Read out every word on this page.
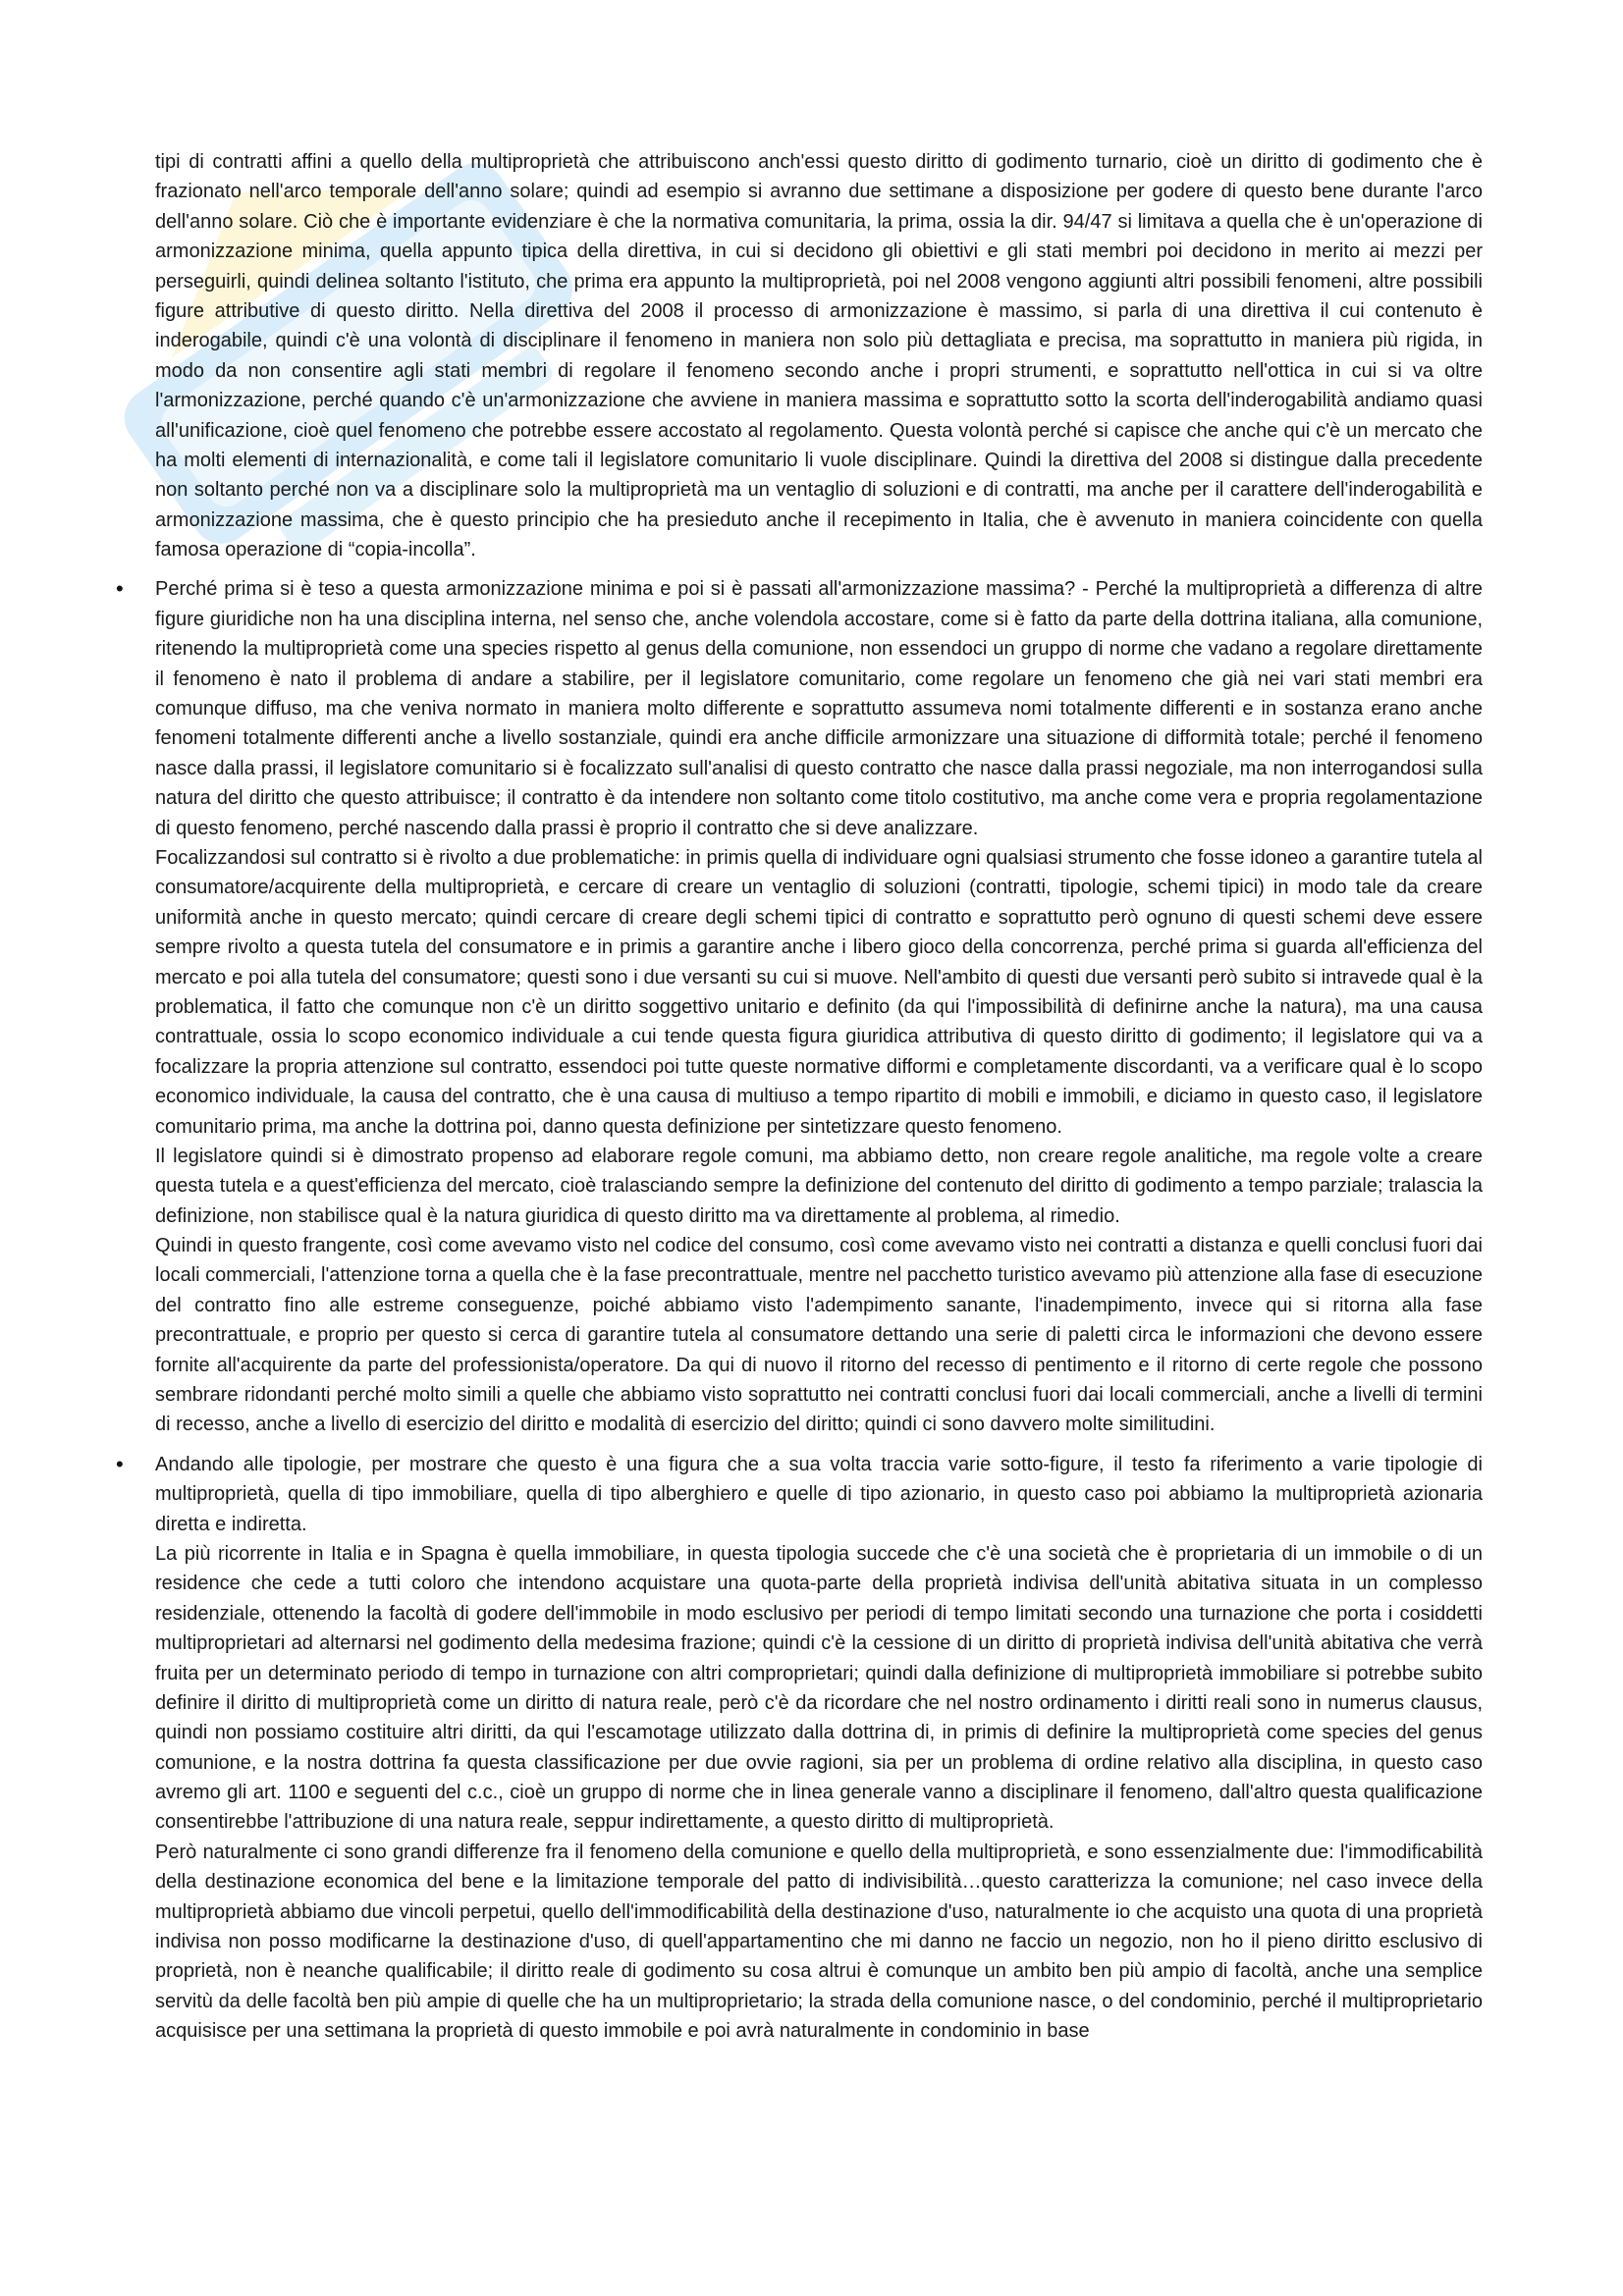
tipi di contratti affini a quello della multiproprietà che attribuiscono anch'essi questo diritto di godimento turnario, cioè un diritto di godimento che è frazionato nell'arco temporale dell'anno solare; quindi ad esempio si avranno due settimane a disposizione per godere di questo bene durante l'arco dell'anno solare. Ciò che è importante evidenziare è che la normativa comunitaria, la prima, ossia la dir. 94/47 si limitava a quella che è un'operazione di armonizzazione minima, quella appunto tipica della direttiva, in cui si decidono gli obiettivi e gli stati membri poi decidono in merito ai mezzi per perseguirli, quindi delinea soltanto l'istituto, che prima era appunto la multiproprietà, poi nel 2008 vengono aggiunti altri possibili fenomeni, altre possibili figure attributive di questo diritto. Nella direttiva del 2008 il processo di armonizzazione è massimo, si parla di una direttiva il cui contenuto è inderogabile, quindi c'è una volontà di disciplinare il fenomeno in maniera non solo più dettagliata e precisa, ma soprattutto in maniera più rigida, in modo da non consentire agli stati membri di regolare il fenomeno secondo anche i propri strumenti, e soprattutto nell'ottica in cui si va oltre l'armonizzazione, perché quando c'è un'armonizzazione che avviene in maniera massima e soprattutto sotto la scorta dell'inderogabilità andiamo quasi all'unificazione, cioè quel fenomeno che potrebbe essere accostato al regolamento. Questa volontà perché si capisce che anche qui c'è un mercato che ha molti elementi di internazionalità, e come tali il legislatore comunitario li vuole disciplinare. Quindi la direttiva del 2008 si distingue dalla precedente non soltanto perché non va a disciplinare solo la multiproprietà ma un ventaglio di soluzioni e di contratti, ma anche per il carattere dell'inderogabilità e armonizzazione massima, che è questo principio che ha presieduto anche il recepimento in Italia, che è avvenuto in maniera coincidente con quella famosa operazione di “copia-incolla”.

• Perché prima si è teso a questa armonizzazione minima e poi si è passati all'armonizzazione massima? - Perché la multiproprietà a differenza di altre figure giuridiche non ha una disciplina interna, nel senso che, anche volendola accostare, come si è fatto da parte della dottrina italiana, alla comunione, ritenendo la multiproprietà come una species rispetto al genus della comunione, non essendoci un gruppo di norme che vadano a regolare direttamente il fenomeno è nato il problema di andare a stabilire, per il legislatore comunitario, come regolare un fenomeno che già nei vari stati membri era comunque diffuso, ma che veniva normato in maniera molto differente e soprattutto assumeva nomi totalmente differenti e in sostanza erano anche fenomeni totalmente differenti anche a livello sostanziale, quindi era anche difficile armonizzare una situazione di difformità totale; perché il fenomeno nasce dalla prassi, il legislatore comunitario si è focalizzato sull'analisi di questo contratto che nasce dalla prassi negoziale, ma non interrogandosi sulla natura del diritto che questo attribuisce; il contratto è da intendere non soltanto come titolo costitutivo, ma anche come vera e propria regolamentazione di questo fenomeno, perché nascendo dalla prassi è proprio il contratto che si deve analizzare.

Focalizzandosi sul contratto si è rivolto a due problematiche: in primis quella di individuare ogni qualsiasi strumento che fosse idoneo a garantire tutela al consumatore/acquirente della multiproprietà, e cercare di creare un ventaglio di soluzioni (contratti, tipologie, schemi tipici) in modo tale da creare uniformità anche in questo mercato; quindi cercare di creare degli schemi tipici di contratto e soprattutto però ognuno di questi schemi deve essere sempre rivolto a questa tutela del consumatore e in primis a garantire anche i libero gioco della concorrenza, perché prima si guarda all'efficienza del mercato e poi alla tutela del consumatore; questi sono i due versanti su cui si muove. Nell'ambito di questi due versanti però subito si intravede qual è la problematica, il fatto che comunque non c'è un diritto soggettivo unitario e definito (da qui l'impossibilità di definirne anche la natura), ma una causa contrattuale, ossia lo scopo economico individuale a cui tende questa figura giuridica attributiva di questo diritto di godimento; il legislatore qui va a focalizzare la propria attenzione sul contratto, essendoci poi tutte queste normative difformi e completamente discordanti, va a verificare qual è lo scopo economico individuale, la causa del contratto, che è una causa di multiuso a tempo ripartito di mobili e immobili, e diciamo in questo caso, il legislatore comunitario prima, ma anche la dottrina poi, danno questa definizione per sintetizzare questo fenomeno.

Il legislatore quindi si è dimostrato propenso ad elaborare regole comuni, ma abbiamo detto, non creare regole analitiche, ma regole volte a creare questa tutela e a quest'efficienza del mercato, cioè tralasciando sempre la definizione del contenuto del diritto di godimento a tempo parziale; tralascia la definizione, non stabilisce qual è la natura giuridica di questo diritto ma va direttamente al problema, al rimedio.

Quindi in questo frangente, così come avevamo visto nel codice del consumo, così come avevamo visto nei contratti a distanza e quelli conclusi fuori dai locali commerciali, l'attenzione torna a quella che è la fase precontrattuale, mentre nel pacchetto turistico avevamo più attenzione alla fase di esecuzione del contratto fino alle estreme conseguenze, poiché abbiamo visto l'adempimento sanante, l'inadempimento, invece qui si ritorna alla fase precontrattuale, e proprio per questo si cerca di garantire tutela al consumatore dettando una serie di paletti circa le informazioni che devono essere fornite all'acquirente da parte del professionista/operatore. Da qui di nuovo il ritorno del recesso di pentimento e il ritorno di certe regole che possono sembrare ridondanti perché molto simili a quelle che abbiamo visto soprattutto nei contratti conclusi fuori dai locali commerciali, anche a livelli di termini di recesso, anche a livello di esercizio del diritto e modalità di esercizio del diritto; quindi ci sono davvero molte similitudini.

• Andando alle tipologie, per mostrare che questo è una figura che a sua volta traccia varie sotto-figure, il testo fa riferimento a varie tipologie di multiproprietà, quella di tipo immobiliare, quella di tipo alberghiero e quelle di tipo azionario, in questo caso poi abbiamo la multiproprietà azionaria diretta e indiretta.

La più ricorrente in Italia e in Spagna è quella immobiliare, in questa tipologia succede che c'è una società che è proprietaria di un immobile o di un residence che cede a tutti coloro che intendono acquistare una quota-parte della proprietà indivisa dell'unità abitativa situata in un complesso residenziale, ottenendo la facoltà di godere dell'immobile in modo esclusivo per periodi di tempo limitati secondo una turnazione che porta i cosiddetti multiproprietari ad alternarsi nel godimento della medesima frazione; quindi c'è la cessione di un diritto di proprietà indivisa dell'unità abitativa che verrà fruita per un determinato periodo di tempo in turnazione con altri comproprietari; quindi dalla definizione di multiproprietà immobiliare si potrebbe subito definire il diritto di multiproprietà come un diritto di natura reale, però c'è da ricordare che nel nostro ordinamento i diritti reali sono in numerus clausus, quindi non possiamo costituire altri diritti, da qui l'escamotage utilizzato dalla dottrina di, in primis di definire la multiproprietà come species del genus comunione, e la nostra dottrina fa questa classificazione per due ovvie ragioni, sia per un problema di ordine relativo alla disciplina, in questo caso avremo gli art. 1100 e seguenti del c.c., cioè un gruppo di norme che in linea generale vanno a disciplinare il fenomeno, dall'altro questa qualificazione consentirebbe l'attribuzione di una natura reale, seppur indirettamente, a questo diritto di multiproprietà.

Però naturalmente ci sono grandi differenze fra il fenomeno della comunione e quello della multiproprietà, e sono essenzialmente due: l'immodificabilità della destinazione economica del bene e la limitazione temporale del patto di indivisibilità…questo caratterizza la comunione; nel caso invece della multiproprietà abbiamo due vincoli perpetui, quello dell'immodificabilità della destinazione d'uso, naturalmente io che acquisto una quota di una proprietà indivisa non posso modificarne la destinazione d'uso, di quell'appartamentino che mi danno ne faccio un negozio, non ho il pieno diritto esclusivo di proprietà, non è neanche qualificabile; il diritto reale di godimento su cosa altrui è comunque un ambito ben più ampio di facoltà, anche una semplice servitù da delle facoltà ben più ampie di quelle che ha un multiproprietario; la strada della comunione nasce, o del condominio, perché il multiproprietario acquisisce per una settimana la proprietà di questo immobile e poi avrà naturalmente in condominio in base
